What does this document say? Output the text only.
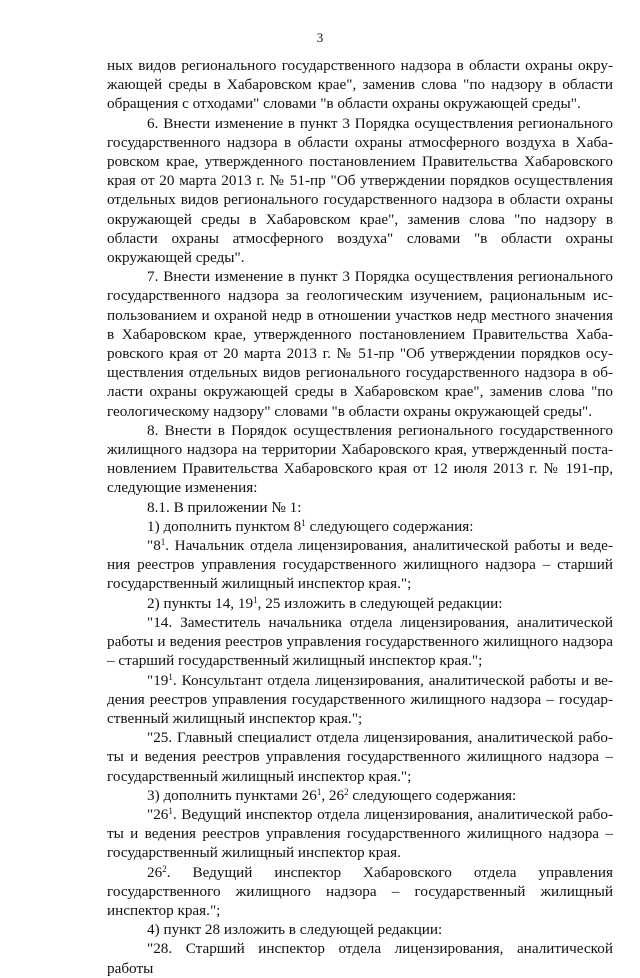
3

ных видов регионального государственного надзора в области охраны окружающей среды в Хабаровском крае", заменив слова "по надзору в области обращения с отходами" словами "в области охраны окружающей среды".

6. Внести изменение в пункт 3 Порядка осуществления регионального государственного надзора в области охраны атмосферного воздуха в Хабаровском крае, утвержденного постановлением Правительства Хабаровского края от 20 марта 2013 г. № 51-пр "Об утверждении порядков осуществления отдельных видов регионального государственного надзора в области охраны окружающей среды в Хабаровском крае", заменив слова "по надзору в области охраны атмосферного воздуха" словами "в области охраны окружающей среды".

7. Внести изменение в пункт 3 Порядка осуществления регионального государственного надзора за геологическим изучением, рациональным использованием и охраной недр в отношении участков недр местного значения в Хабаровском крае, утвержденного постановлением Правительства Хабаровского края от 20 марта 2013 г. № 51-пр "Об утверждении порядков осуществления отдельных видов регионального государственного надзора в области охраны окружающей среды в Хабаровском крае", заменив слова "по геологическому надзору" словами "в области охраны окружающей среды".

8. Внести в Порядок осуществления регионального государственного жилищного надзора на территории Хабаровского края, утвержденный постановлением Правительства Хабаровского края от 12 июля 2013 г. № 191-пр, следующие изменения:

8.1. В приложении № 1:

1) дополнить пунктом $8^1$ следующего содержания:

"$8^1$. Начальник отдела лицензирования, аналитической работы и ведения реестров управления государственного жилищного надзора – старший государственный жилищный инспектор края.";

2) пункты 14, $19^1$, 25 изложить в следующей редакции:

"14. Заместитель начальника отдела лицензирования, аналитической работы и ведения реестров управления государственного жилищного надзора – старший государственный жилищный инспектор края.";

"$19^1$. Консультант отдела лицензирования, аналитической работы и ведения реестров управления государственного жилищного надзора – государственный жилищный инспектор края.";

"25. Главный специалист отдела лицензирования, аналитической работы и ведения реестров управления государственного жилищного надзора – государственный жилищный инспектор края.";

3) дополнить пунктами $26^1$, $26^2$ следующего содержания:

"$26^1$. Ведущий инспектор отдела лицензирования, аналитической работы и ведения реестров управления государственного жилищного надзора – государственный жилищный инспектор края.

$26^2$. Ведущий инспектор Хабаровского отдела управления государственного жилищного надзора – государственный жилищный инспектор края.";

4) пункт 28 изложить в следующей редакции:

"28. Старший инспектор отдела лицензирования, аналитической работы
